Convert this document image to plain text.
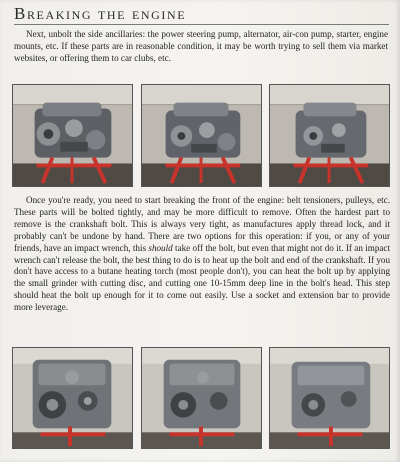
Breaking the engine

Next, unbolt the side ancillaries: the power steering pump, alternator, air-con pump, starter, engine mounts, etc. If these parts are in reasonable condition, it may be worth trying to sell them via market websites, or offering them to car clubs, etc.

Once you're ready, you need to start breaking the front of the engine: belt tensioners, pulleys, etc. These parts will be bolted tightly, and may be more difficult to remove. Often the hardest part to remove is the crankshaft bolt. This is always very tight, as manufactures apply thread lock, and it probably can't be undone by hand. There are two options for this operation: if you, or any of your friends, have an impact wrench, this should take off the bolt, but even that might not do it. If an impact wrench can't release the bolt, the best thing to do is to heat up the bolt and end of the crankshaft. If you don't have access to a butane heating torch (most people don't), you can heat the bolt up by applying the small grinder with cutting disc, and cutting one 10-15mm deep line in the bolt's head. This step should heat the bolt up enough for it to come out easily. Use a socket and extension bar to provide more leverage.
